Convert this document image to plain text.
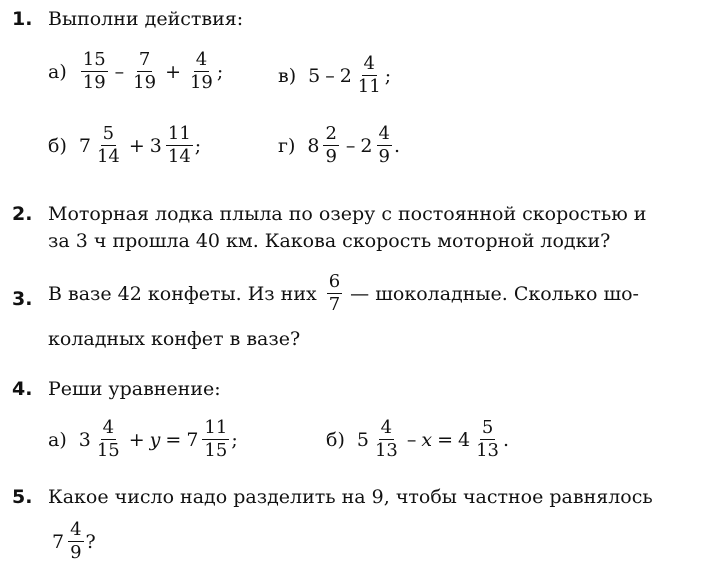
1. Выполни действия:
$а) \frac{15}{19} - \frac{7}{19} + \frac{4}{19}$ ;	в) $5 - 2 \frac{4}{11}$ ;
б) $7 \frac{5}{14} + 3 \frac{11}{14}$ ;	г) $8 \frac{2}{9} - 2 \frac{4}{9}$ .
2. Моторная лодка плыла по озеру с постоянной скоростью и
за 3 ч прошла 40 км. Какова скорость моторной лодки?
3. В вазе 42 конфеты. Из них $\frac{6}{7}$ — шоколадные. Сколько шо-
коладных конфет в вазе?
4. Реши уравнение:
а) $3 \frac{4}{15} + y = 7 \frac{11}{15}$ ;	б) $5 \frac{4}{13} - x = 4 \frac{5}{13}$ .
5. Какое число надо разделить на 9, чтобы частное равнялось
$7 \frac{4}{9}$ ?
